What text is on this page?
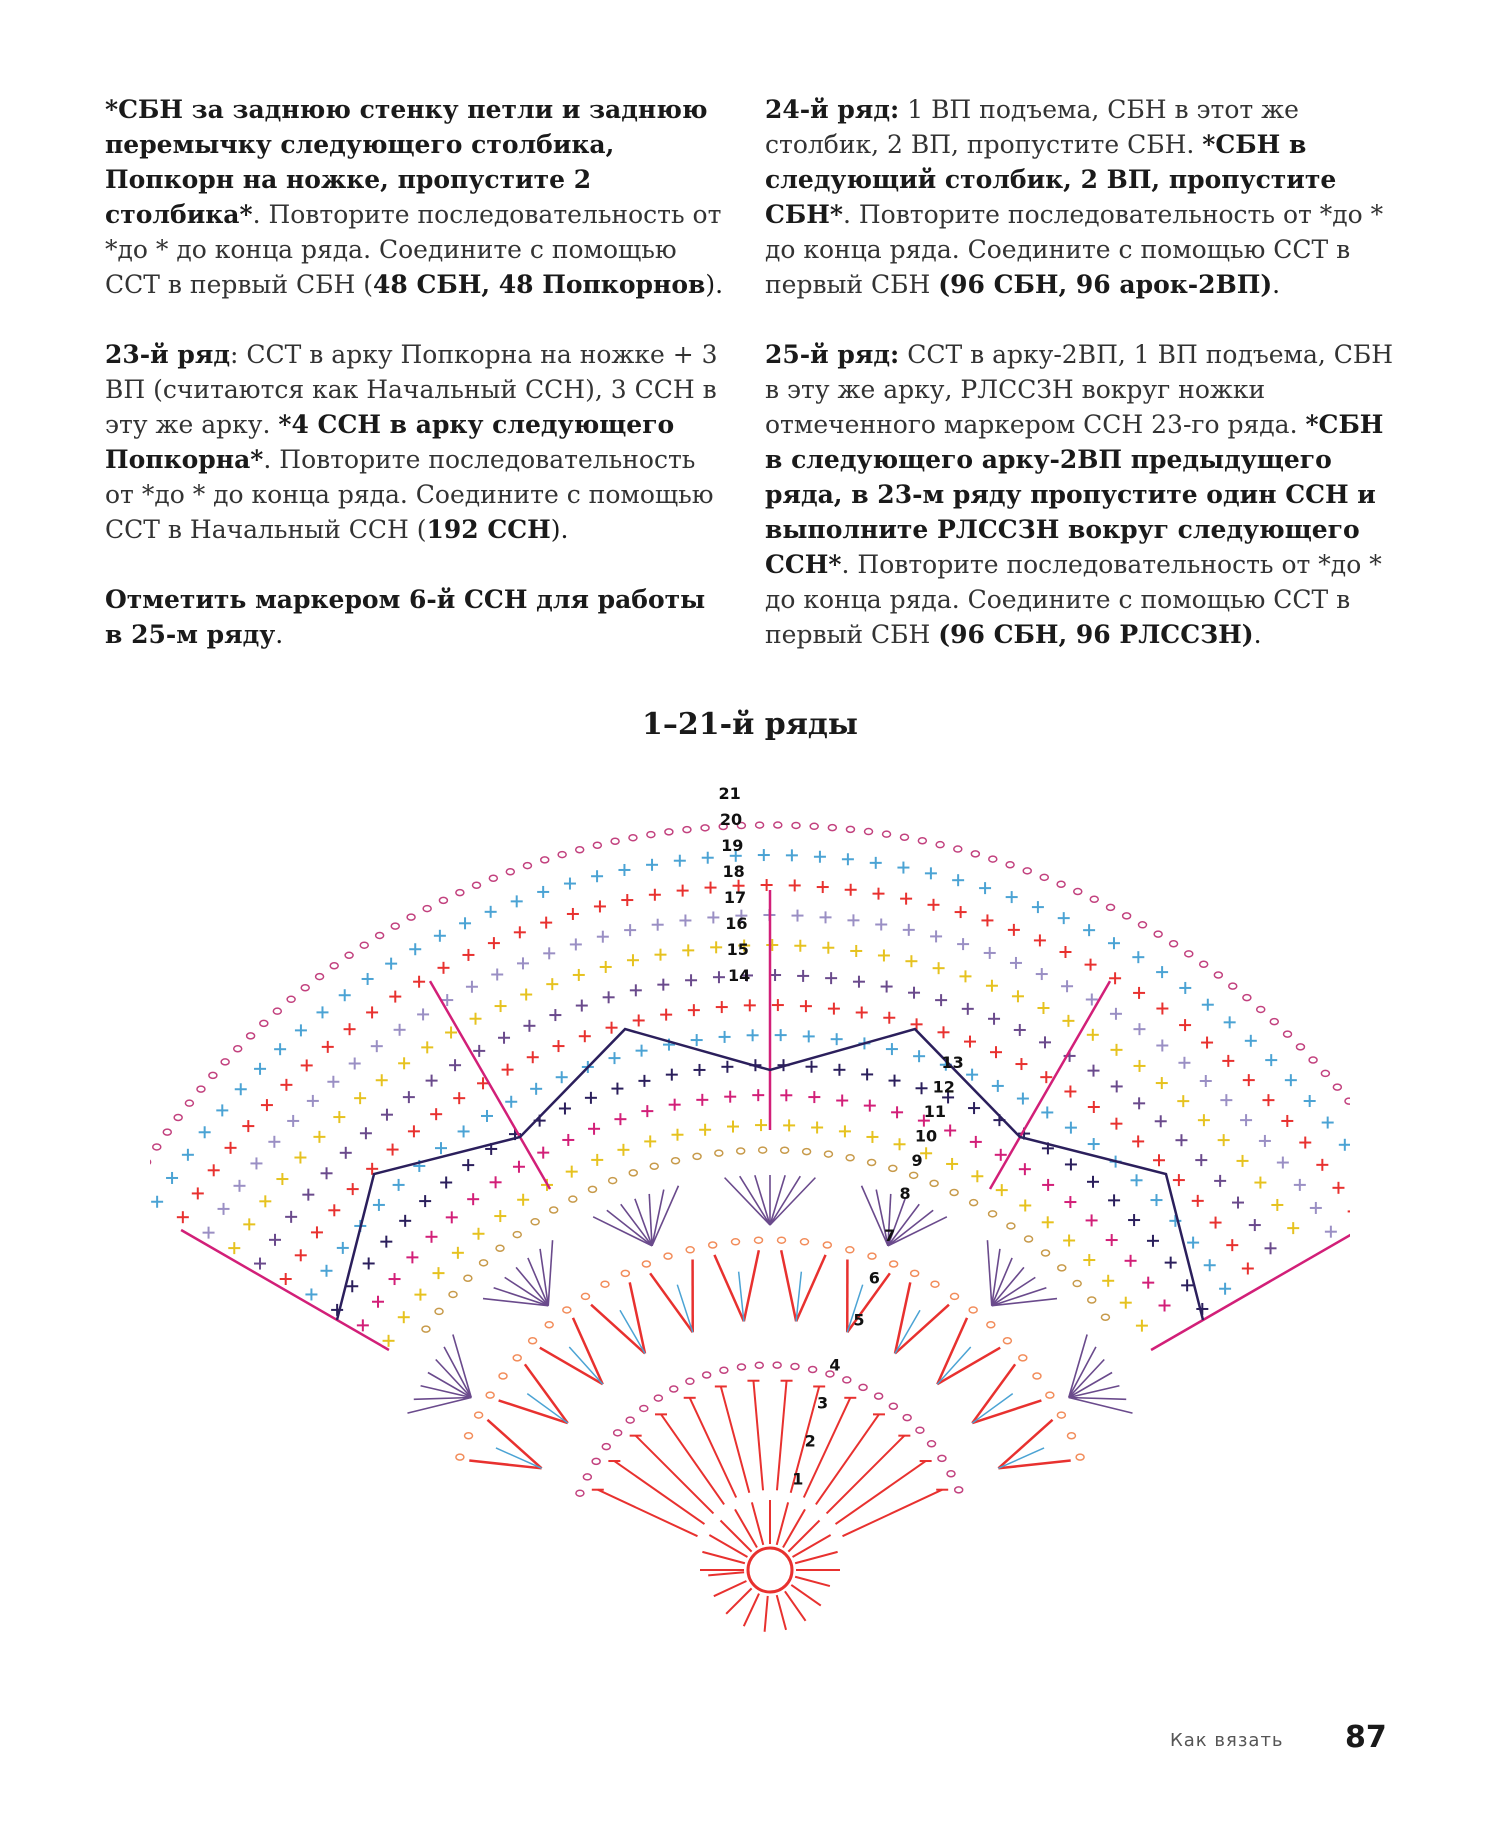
*СБН за заднюю стенку петли и заднюю перемычку следующего столбика, Попкорн на ножке, пропустите 2 столбика*. Повторите последовательность от *до * до конца ряда. Соедините с помощью ССТ в первый СБН (48 СБН, 48 Попкорнов).

23-й ряд: ССТ в арку Попкорна на ножке + 3 ВП (считаются как Начальный ССН), 3 ССН в эту же арку. *4 ССН в арку следующего Попкорна*. Повторите последовательность от *до * до конца ряда. Соедините с помощью ССТ в Начальный ССН (192 ССН).

Отметить маркером 6-й ССН для работы в 25-м ряду.

24-й ряд: 1 ВП подъема, СБН в этот же столбик, 2 ВП, пропустите СБН. *СБН в следующий столбик, 2 ВП, пропустите СБН*. Повторите последовательность от *до * до конца ряда. Соедините с помощью ССТ в первый СБН (96 СБН, 96 арок-2ВП).

25-й ряд: ССТ в арку-2ВП, 1 ВП подъема, СБН в эту же арку, РЛССЗН вокруг ножки отмеченного маркером ССН 23-го ряда. *СБН в следующего арку-2ВП предыдущего ряда, в 23-м ряду пропустите один ССН и выполните РЛССЗН вокруг следующего ССН*. Повторите последовательность от *до * до конца ряда. Соедините с помощью ССТ в первый СБН (96 СБН, 96 РЛССЗН).

1–21-й ряды
1
2
3
4
5
6
7
8
9
10
11
12
13
14
15
16
17
18
19
20
21
Как вязать 87
